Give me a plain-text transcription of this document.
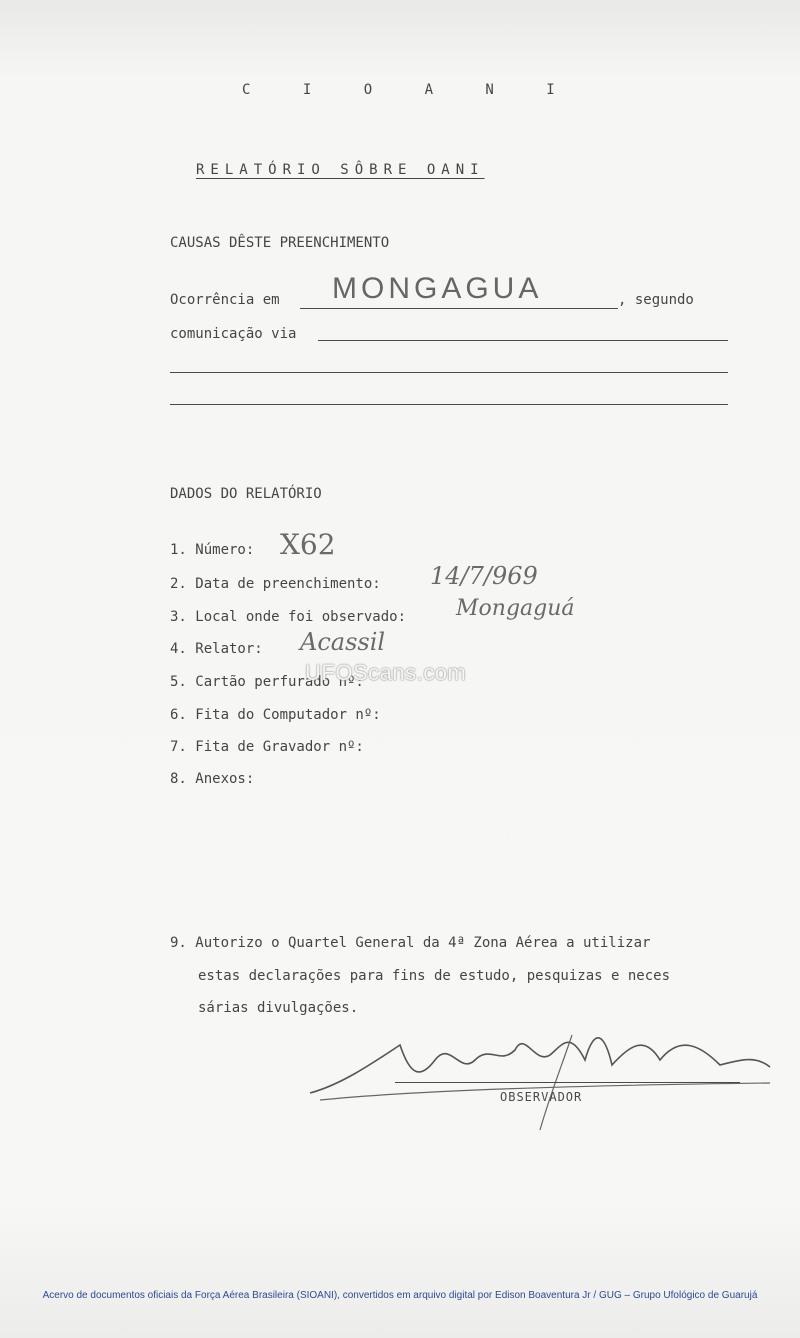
C I O A N I
RELATÓRIO SÔBRE OANI
CAUSAS DÊSTE PREENCHIMENTO
Ocorrência em MONGAGUA	, segundo
comunicação via
DADOS DO RELATÓRIO
1. Número: X62
2. Data de preenchimento: 14/7/969
3. Local onde foi observado: Mongaguá
4. Relator: Acassil
5. Cartão perfurado nº:
6. Fita do Computador nº:
7. Fita de Gravador nº:
8. Anexos:
9. Autorizo o Quartel General da 4ª Zona Aérea a utilizar
estas declarações para fins de estudo, pesquizas e neces
sárias divulgações.
OBSERVADOR
UFOScans.com
Acervo de documentos oficiais da Força Aérea Brasileira (SIOANI), convertidos em arquivo digital por Edison Boaventura Jr / GUG – Grupo Ufológico de Guarujá
